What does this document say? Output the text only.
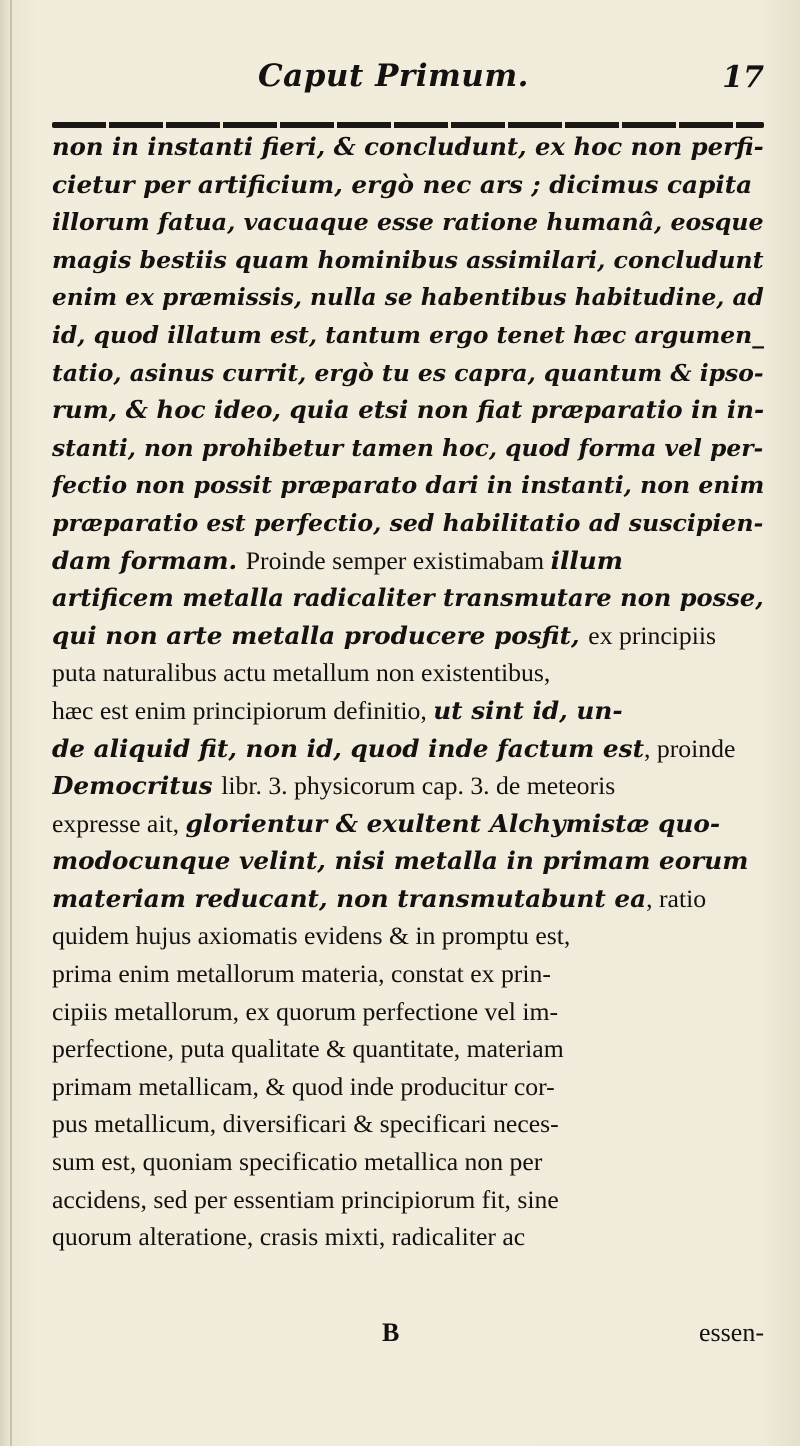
Caput Primum.	17
non in instanti fieri, & concludunt, ex hoc non perfi-
cietur per artificium, ergò nec ars ; dicimus capita
illorum fatua, vacuaque esse ratione humanâ, eosque
magis bestiis quam hominibus assimilari, concludunt
enim ex præmissis, nulla se habentibus habitudine, ad
id, quod illatum est, tantum ergo tenet hæc argumen_
tatio, asinus currit, ergò tu es capra, quantum & ipso-
rum, & hoc ideo, quia etsi non fiat præparatio in in-
stanti, non prohibetur tamen hoc, quod forma vel per-
fectio non possit præparato dari in instanti, non enim
præparatio est perfectio, sed habilitatio ad suscipien-
dam formam. Proinde semper existimabam illum
artificem metalla radicaliter transmutare non posse,
qui non arte metalla producere posƒit, ex principiis
puta naturalibus actu metallum non existentibus,
hæc est enim principiorum definitio, ut sint id, un-
de aliquid fit, non id, quod inde factum est, proinde
Democritus libr. 3. physicorum cap. 3. de meteoris
expresse ait, glorientur & exultent Alchymistæ quo-
modocunque velint, nisi metalla in primam eorum
materiam reducant, non transmutabunt ea, ratio
quidem hujus axiomatis evidens & in promptu est,
prima enim metallorum materia, constat ex prin-
cipiis metallorum, ex quorum perfectione vel im-
perfectione, puta qualitate & quantitate, materiam
primam metallicam, & quod inde producitur cor-
pus metallicum, diversificari & specificari neces-
sum est, quoniam specificatio metallica non per
accidens, sed per essentiam principiorum fit, sine
quorum alteratione, crasis mixti, radicaliter ac
B	essen-
